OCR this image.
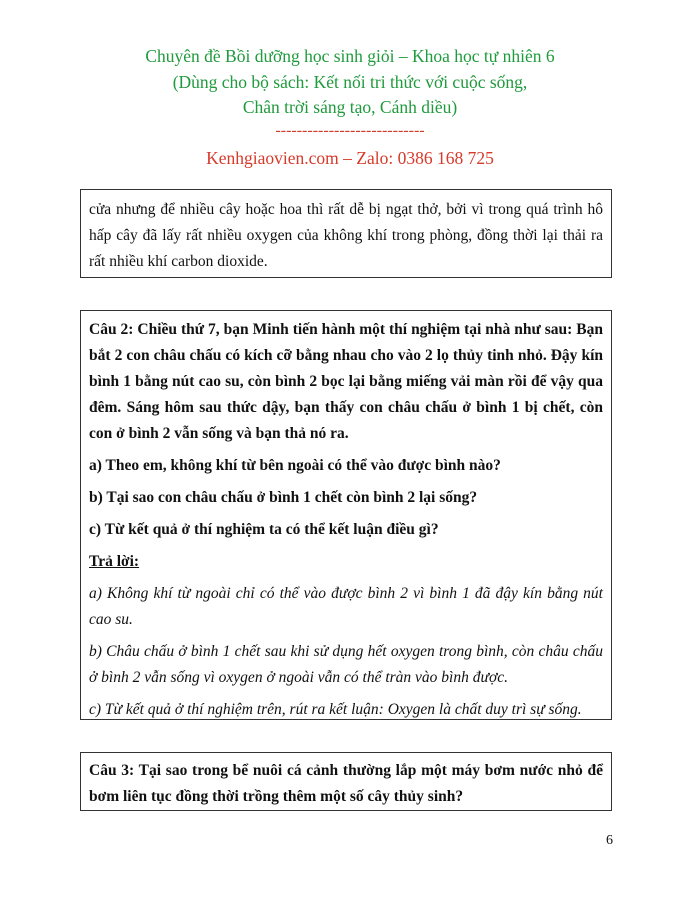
Chuyên đề Bồi dưỡng học sinh giỏi – Khoa học tự nhiên 6
(Dùng cho bộ sách: Kết nối tri thức với cuộc sống,
Chân trời sáng tạo, Cánh diều)
----------------------------
Kenhgiaovien.com – Zalo: 0386 168 725

cửa nhưng để nhiều cây hoặc hoa thì rất dễ bị ngạt thở, bởi vì trong quá trình hô hấp cây đã lấy rất nhiều oxygen của không khí trong phòng, đồng thời lại thải ra rất nhiều khí carbon dioxide.

Câu 2: Chiều thứ 7, bạn Minh tiến hành một thí nghiệm tại nhà như sau: Bạn bắt 2 con châu chấu có kích cỡ bằng nhau cho vào 2 lọ thủy tinh nhỏ. Đậy kín bình 1 bằng nút cao su, còn bình 2 bọc lại bằng miếng vải màn rồi để vậy qua đêm. Sáng hôm sau thức dậy, bạn thấy con châu chấu ở bình 1 bị chết, còn con ở bình 2 vẫn sống và bạn thả nó ra.

a) Theo em, không khí từ bên ngoài có thể vào được bình nào?

b) Tại sao con châu chấu ở bình 1 chết còn bình 2 lại sống?

c) Từ kết quả ở thí nghiệm ta có thể kết luận điều gì?

Trả lời:

a) Không khí từ ngoài chỉ có thể vào được bình 2 vì bình 1 đã đậy kín bằng nút cao su.

b) Châu chấu ở bình 1 chết sau khi sử dụng hết oxygen trong bình, còn châu chấu ở bình 2 vẫn sống vì oxygen ở ngoài vẫn có thể tràn vào bình được.

c) Từ kết quả ở thí nghiệm trên, rút ra kết luận: Oxygen là chất duy trì sự sống.

Câu 3: Tại sao trong bể nuôi cá cảnh thường lắp một máy bơm nước nhỏ để bơm liên tục đồng thời trồng thêm một số cây thủy sinh?

6
